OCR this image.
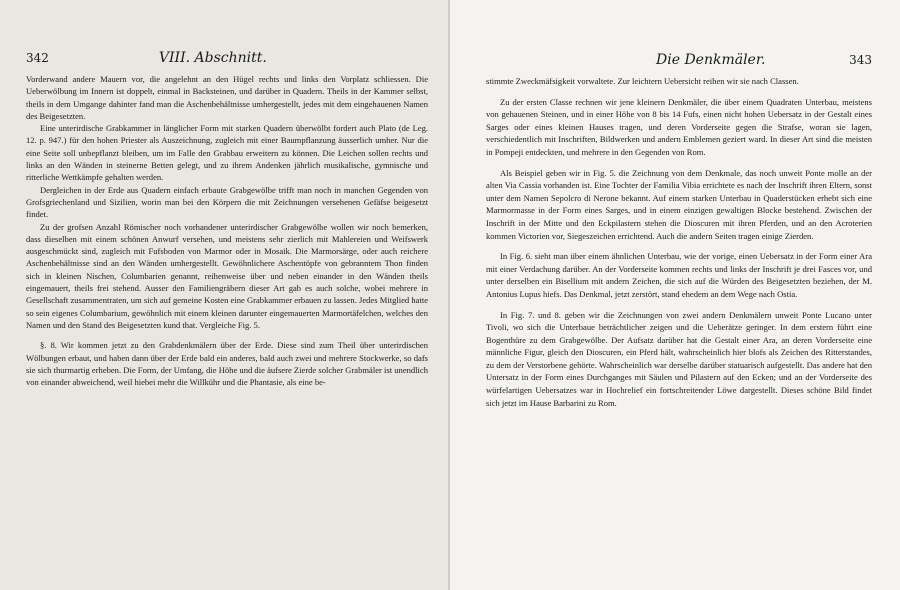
342	VIII. Abschnitt.

Vorderwand andere Mauern vor, die angelehnt an den Hügel rechts und links den Vorplatz schliessen. Die Ueberwölbung im Innern ist doppelt, einmal in Backsteinen, und darüber in Quadern. Theils in der Kammer selbst, theils in dem Umgange dahinter fand man die Aschenbehältnisse umhergestellt, jedes mit dem eingehauenen Namen des Beigesetzten.

Eine unterirdische Grabkammer in länglicher Form mit starken Quadern überwölbt fordert auch Plato (de Leg. 12. p. 947.) für den hohen Priester als Auszeichnung, zugleich mit einer Baumpflanzung äusserlich umher. Nur die eine Seite soll unbepflanzt bleiben, um im Falle den Grabbau erweitern zu können. Die Leichen sollen rechts und links an den Wänden in steinerne Betten gelegt, und zu ihrem Andenken jährlich musikalische, gymnische und ritterliche Wettkämpfe gehalten werden.

Dergleichen in der Erde aus Quadern einfach erbaute Grabgewölbe trifft man noch in manchen Gegenden von Grofsgriechenland und Sizilien, worin man bei den Körpern die mit Zeichnungen versehenen Gefäfse beigesetzt findet.

Zu der grofsen Anzahl Römischer noch vorhandener unterirdischer Grabgewölbe wollen wir noch bemerken, dass dieselben mit einem schönen Anwurf versehen, und meistens sehr zierlich mit Mahlereien und Weifswerk ausgeschmückt sind, zugleich mit Fufsboden von Marmor oder in Mosaik. Die Marmorsärge, oder auch reichere Aschenbehältnisse sind an den Wänden umhergestellt. Gewöhnlichere Aschentöpfe von gebranntem Thon finden sich in kleinen Nischen, Columbarien genannt, reihenweise über und neben einander in den Wänden theils eingemauert, theils frei stehend. Ausser den Familiengräbern dieser Art gab es auch solche, wobei mehrere in Gesellschaft zusammentraten, um sich auf gemeine Kosten eine Grabkammer erbauen zu lassen. Jedes Mitglied hatte so sein eigenes Columbarium, gewöhnlich mit einem kleinen darunter eingemauerten Marmortäfelchen, welches den Namen und den Stand des Beigesetzten kund that. Vergleiche Fig. 5.

§. 8. Wir kommen jetzt zu den Grabdenkmälern über der Erde. Diese sind zum Theil über unterirdischen Wölbungen erbaut, und haben dann über der Erde bald ein anderes, bald auch zwei und mehrere Stockwerke, so dafs sie sich thurmartig erheben. Die Form, der Umfang, die Höhe und die äufsere Zierde solcher Grabmäler ist unendlich von einander abweichend, weil hiebei mehr die Willkühr und die Phantasie, als eine be-

Die Denkmäler.	343

stimmte Zweckmäfsigkeit vorwaltete. Zur leichtern Uebersicht reihen wir sie nach Classen.

Zu der ersten Classe rechnen wir jene kleinern Denkmäler, die über einem Quadraten Unterbau, meistens von gehauenen Steinen, und in einer Höhe von 8 bis 14 Fufs, einen nicht hohen Uebersatz in der Gestalt eines Sarges oder eines kleinen Hauses tragen, und deren Vorderseite gegen die Strafse, woran sie lagen, verschiedentlich mit Inschriften, Bildwerken und andern Emblemen geziert ward. In dieser Art sind die meisten in Pompeji entdeckten, und mehrere in den Gegenden von Rom.

Als Beispiel geben wir in Fig. 5. die Zeichnung von dem Denkmale, das noch unweit Ponte molle an der alten Via Cassia vorhanden ist. Eine Tochter der Familia Vibia errichtete es nach der Inschrift ihren Eltern, sonst unter dem Namen Sepolcro di Nerone bekannt. Auf einem starken Unterbau in Quaderstücken erhebt sich eine Marmormasse in der Form eines Sarges, und in einem einzigen gewaltigen Blocke bestehend. Zwischen der Inschrift in der Mitte und den Eckpilastern stehen die Dioscuren mit ihren Pferden, und an den Acroterien kommen Victorien vor, Siegeszeichen errichtend. Auch die andern Seiten tragen einige Zierden.

In Fig. 6. sieht man über einem ähnlichen Unterbau, wie der vorige, einen Uebersatz in der Form einer Ara mit einer Verdachung darüber. An der Vorderseite kommen rechts und links der Inschrift je drei Fasces vor, und unter derselben ein Bisellium mit andern Zeichen, die sich auf die Würden des Beigesetzten beziehen, der M. Antonius Lupus hiefs. Das Denkmal, jetzt zerstört, stand ehedem an dem Wege nach Ostia.

In Fig. 7. und 8. geben wir die Zeichnungen von zwei andern Denkmälern unweit Ponte Lucano unter Tivoli, wo sich die Unterbaue beträchtlicher zeigen und die Ueberätze geringer. In dem erstern führt eine Bogenthüre zu dem Grabgewölbe. Der Aufsatz darüber hat die Gestalt einer Ara, an deren Vorderseite eine männliche Figur, gleich den Dioscuren, ein Pferd hält, wahrscheinlich hier blofs als Zeichen des Ritterstandes, zu dem der Verstorbene gehörte. Wahrscheinlich war derselbe darüber statuarisch aufgestellt. Das andere hat den Untersatz in der Form eines Durchganges mit Säulen und Pilastern auf den Ecken; und an der Vorderseite des würfelartigen Uebersatzes war in Hochrelief ein fortschreitender Löwe dargestellt. Dieses schöne Bild findet sich jetzt im Hause Barbarini zu Rom.
